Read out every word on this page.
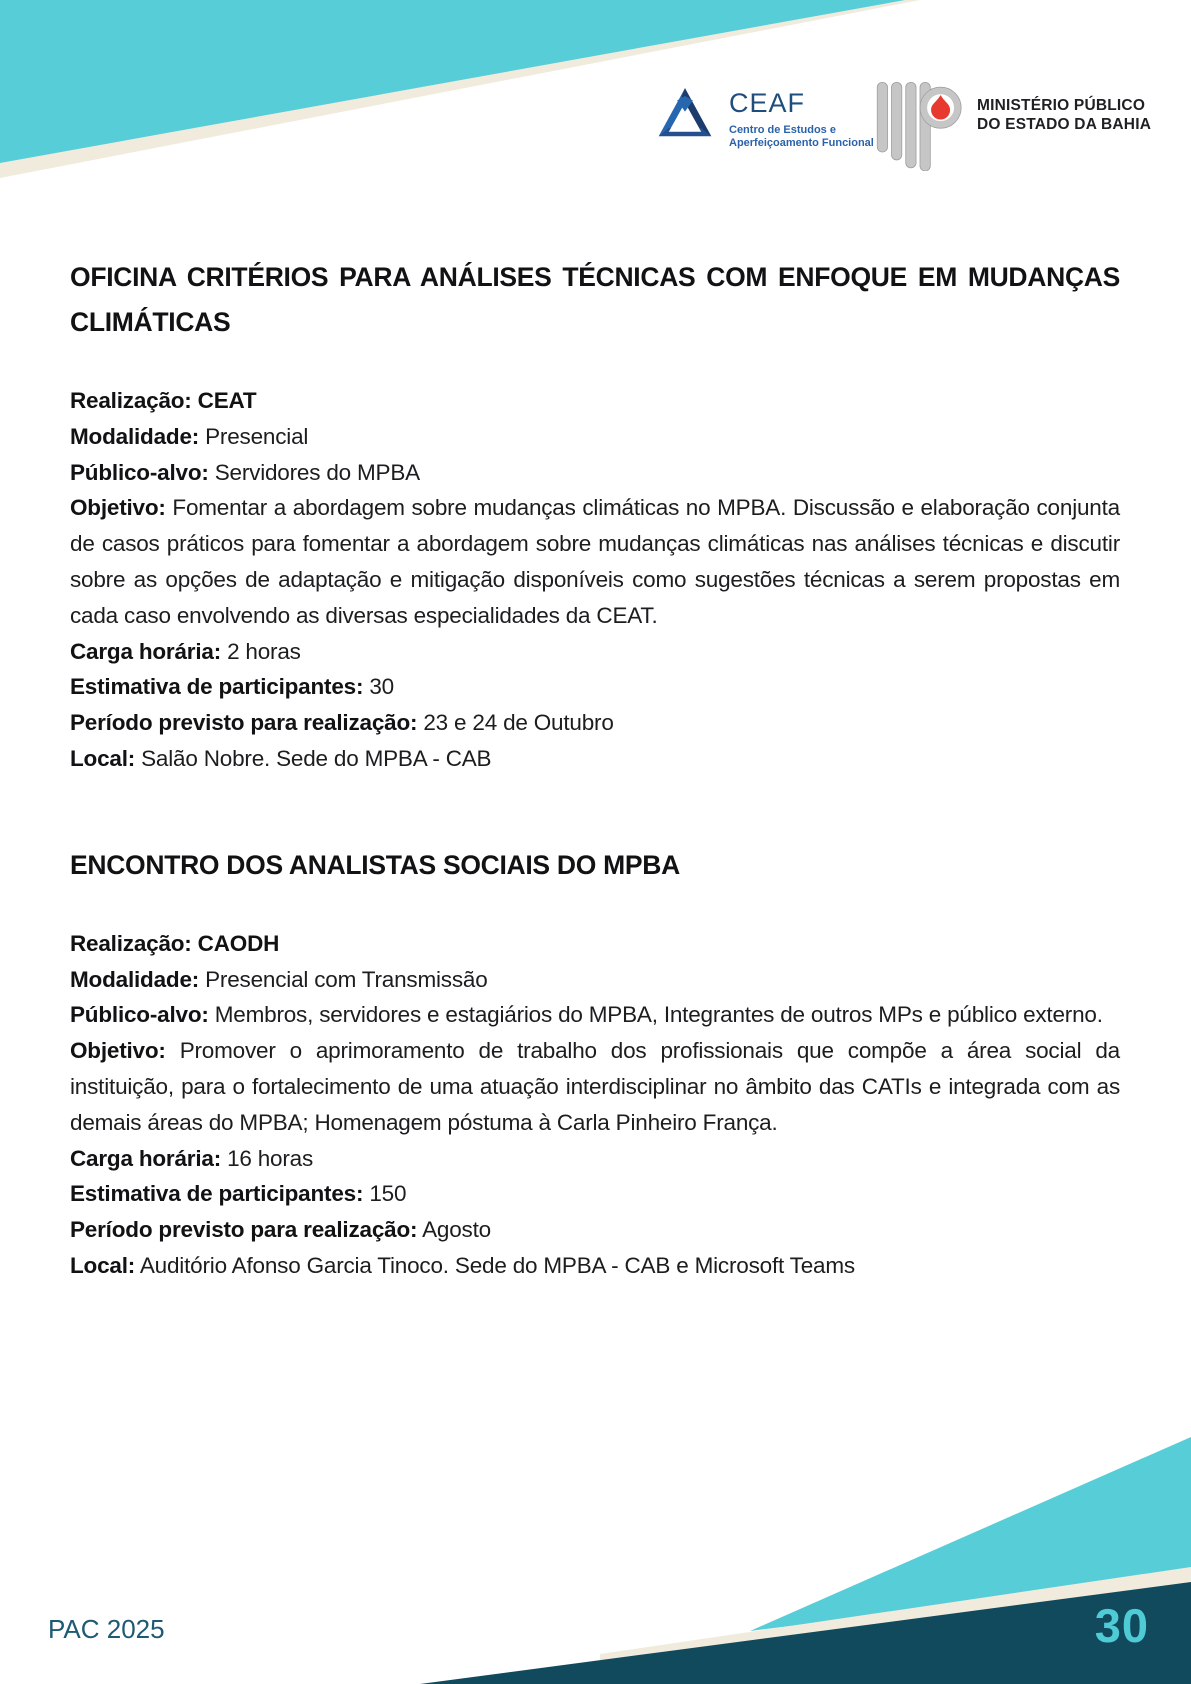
CEAF
Centro de Estudos e
Aperfeiçoamento Funcional
MINISTÉRIO PÚBLICO
DO ESTADO DA BAHIA
OFICINA CRITÉRIOS PARA ANÁLISES TÉCNICAS COM ENFOQUE EM MUDANÇAS CLIMÁTICAS

Realização: CEAT

Modalidade: Presencial

Público-alvo: Servidores do MPBA

Objetivo: Fomentar a abordagem sobre mudanças climáticas no MPBA. Discussão e elaboração conjunta de casos práticos para fomentar a abordagem sobre mudanças climáticas nas análises técnicas e discutir sobre as opções de adaptação e mitigação disponíveis como sugestões técnicas a serem propostas em cada caso envolvendo as diversas especialidades da CEAT.

Carga horária: 2 horas

Estimativa de participantes: 30

Período previsto para realização: 23 e 24 de Outubro

Local: Salão Nobre. Sede do MPBA - CAB

ENCONTRO DOS ANALISTAS SOCIAIS DO MPBA

Realização: CAODH

Modalidade: Presencial com Transmissão

Público-alvo: Membros, servidores e estagiários do MPBA, Integrantes de outros MPs e público externo.

Objetivo: Promover o aprimoramento de trabalho dos profissionais que compõe a área social da instituição, para o fortalecimento de uma atuação interdisciplinar no âmbito das CATIs e integrada com as demais áreas do MPBA; Homenagem póstuma à Carla Pinheiro França.

Carga horária: 16 horas

Estimativa de participantes: 150

Período previsto para realização: Agosto

Local: Auditório Afonso Garcia Tinoco. Sede do MPBA - CAB e Microsoft Teams

PAC 2025	30
